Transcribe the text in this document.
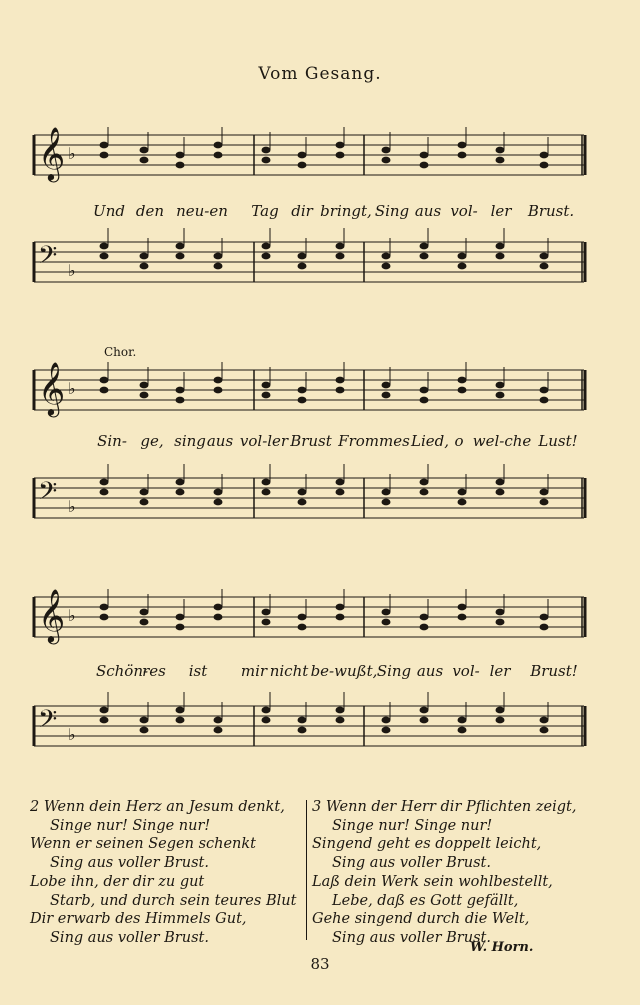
Vom Gesang.
𝄞 ♭
Und den neu-en Tag dir bringt, Sing aus vol- ler Brust.
𝄢 ♭
Chor.
𝄞 ♭
Sin- ge, sing aus vol-ler Brust Frommes Lied, o wel-che Lust!
𝄢 ♭
𝄞 ♭
Schön-
res ist mir nicht be-wußt, Sing aus vol- ler Brust!
𝄢 ♭
2 Wenn dein Herz an Jesum denkt,
Singe nur! Singe nur!
Wenn er seinen Segen schenkt
Sing aus voller Brust.
Lobe ihn, der dir zu gut
Starb, und durch sein teures Blut
Dir erwarb des Himmels Gut,
Sing aus voller Brust.
3 Wenn der Herr dir Pflichten zeigt,
Singe nur! Singe nur!
Singend geht es doppelt leicht,
Sing aus voller Brust.
Laß dein Werk sein wohlbestellt,
Lebe, daß es Gott gefällt,
Gehe singend durch die Welt,
Sing aus voller Brust.
W. Horn.
83
